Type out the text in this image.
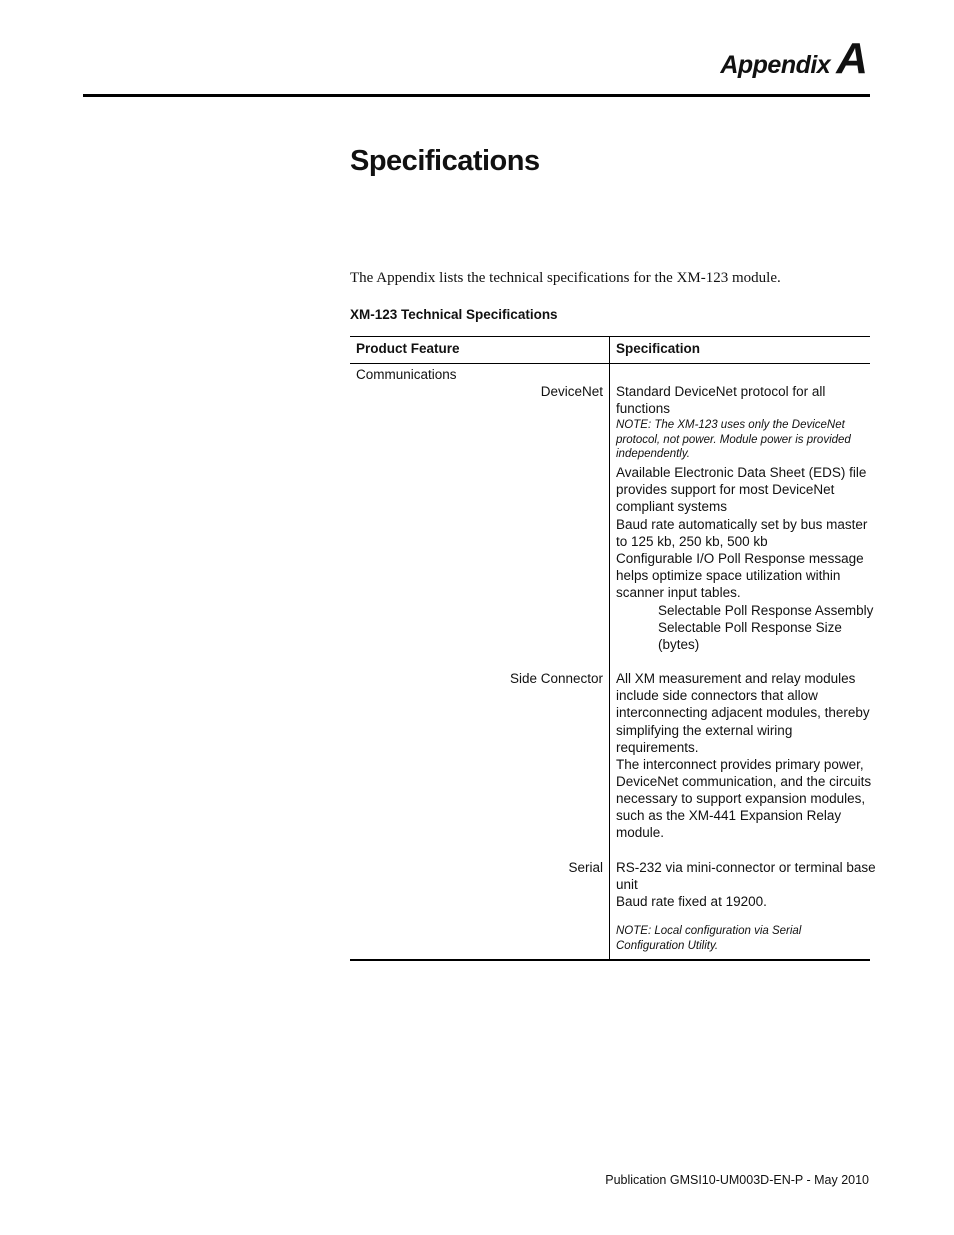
Appendix A
Specifications

The Appendix lists the technical specifications for the XM-123 module.

XM-123 Technical Specifications

Product Feature	Specification
Communications
DeviceNet Standard DeviceNet protocol for all
functions
NOTE: The XM-123 uses only the DeviceNet
protocol, not power. Module power is provided
independently.
Available Electronic Data Sheet (EDS) file
provides support for most DeviceNet
compliant systems
Baud rate automatically set by bus master
to 125 kb, 250 kb, 500 kb
Configurable I/O Poll Response message
helps optimize space utilization within
scanner input tables.
Selectable Poll Response Assembly
Selectable Poll Response Size
(bytes)
Side Connector All XM measurement and relay modules
include side connectors that allow
interconnecting adjacent modules, thereby
simplifying the external wiring
requirements.
The interconnect provides primary power,
DeviceNet communication, and the circuits
necessary to support expansion modules,
such as the XM-441 Expansion Relay
module.
Serial RS-232 via mini-connector or terminal base
unit
Baud rate fixed at 19200.
NOTE: Local configuration via Serial
Configuration Utility.
Publication GMSI10-UM003D-EN-P - May 2010
